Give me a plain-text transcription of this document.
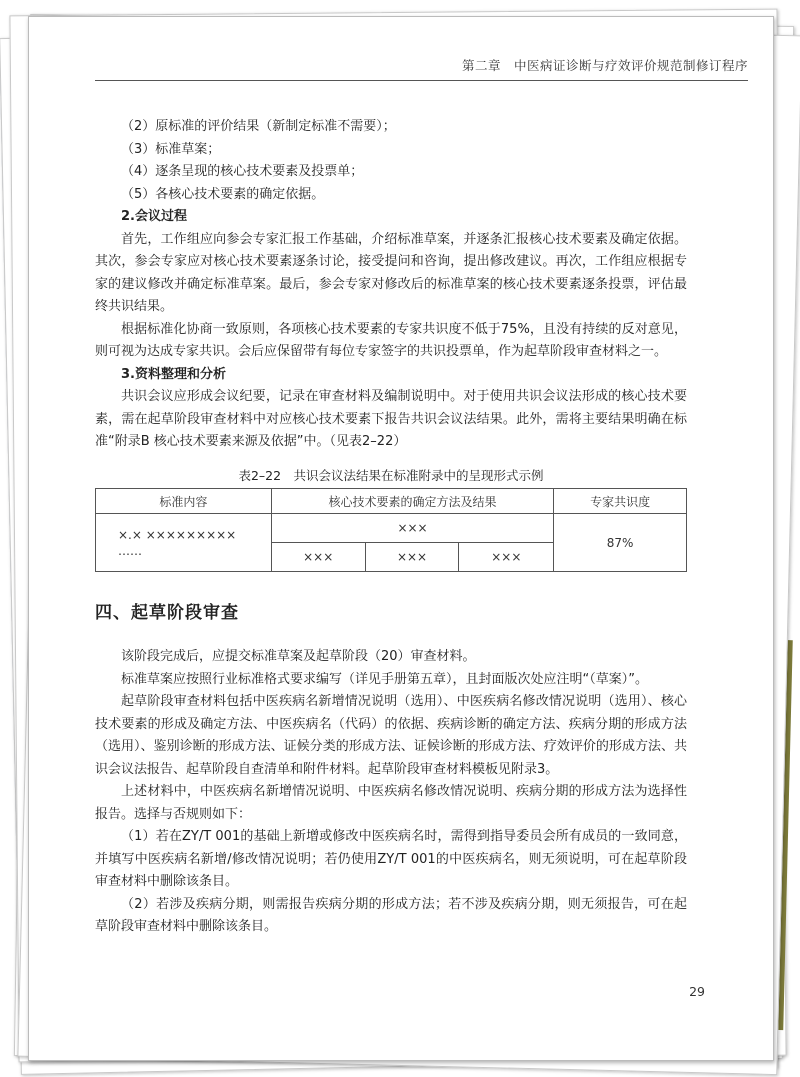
第二章　中医病证诊断与疗效评价规范制修订程序
（2）原标准的评价结果（新制定标准不需要）；
（3）标准草案；
（4）逐条呈现的核心技术要素及投票单；
（5）各核心技术要素的确定依据。
2.会议过程

首先，工作组应向参会专家汇报工作基础，介绍标准草案，并逐条汇报核心技术要素及确定依据。其次，参会专家应对核心技术要素逐条讨论，接受提问和咨询，提出修改建议。再次，工作组应根据专家的建议修改并确定标准草案。最后，参会专家对修改后的标准草案的核心技术要素逐条投票，评估最终共识结果。

根据标准化协商一致原则，各项核心技术要素的专家共识度不低于75%，且没有持续的反对意见，则可视为达成专家共识。会后应保留带有每位专家签字的共识投票单，作为起草阶段审查材料之一。

3.资料整理和分析

共识会议应形成会议纪要，记录在审查材料及编制说明中。对于使用共识会议法形成的核心技术要素，需在起草阶段审查材料中对应核心技术要素下报告共识会议法结果。此外，需将主要结果明确在标准“附录B 核心技术要素来源及依据”中。（见表2–22）

表2–22　共识会议法结果在标准附录中的呈现形式示例
标准内容	核心技术要素的确定方法及结果			专家共识度

×.× ×××××××××
……	×××			87%
	×××	×××	×××	
四、起草阶段审查

该阶段完成后，应提交标准草案及起草阶段（20）审查材料。

标准草案应按照行业标准格式要求编写（详见手册第五章），且封面版次处应注明“（草案）”。

起草阶段审查材料包括中医疾病名新增情况说明（选用）、中医疾病名修改情况说明（选用）、核心技术要素的形成及确定方法、中医疾病名（代码）的依据、疾病诊断的确定方法、疾病分期的形成方法（选用）、鉴别诊断的形成方法、证候分类的形成方法、证候诊断的形成方法、疗效评价的形成方法、共识会议法报告、起草阶段自查清单和附件材料。起草阶段审查材料模板见附录3。

上述材料中，中医疾病名新增情况说明、中医疾病名修改情况说明、疾病分期的形成方法为选择性报告。选择与否规则如下：

（1）若在ZY/T 001的基础上新增或修改中医疾病名时，需得到指导委员会所有成员的一致同意，并填写中医疾病名新增/修改情况说明；若仍使用ZY/T 001的中医疾病名，则无须说明，可在起草阶段审查材料中删除该条目。

（2）若涉及疾病分期，则需报告疾病分期的形成方法；若不涉及疾病分期，则无须报告，可在起草阶段审查材料中删除该条目。

29
